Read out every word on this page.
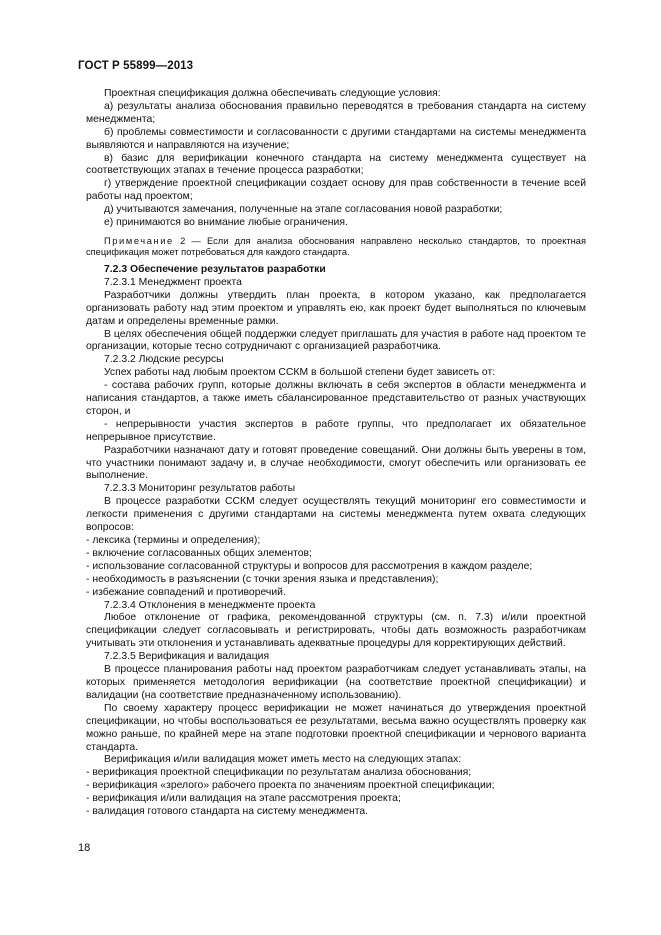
ГОСТ Р 55899—2013

Проектная спецификация должна обеспечивать следующие условия:

а) результаты анализа обоснования правильно переводятся в требования стандарта на систему менеджмента;

б) проблемы совместимости и согласованности с другими стандартами на системы менеджмента выявляются и направляются на изучение;

в) базис для верификации конечного стандарта на систему менеджмента существует на соответствующих этапах в течение процесса разработки;

г) утверждение проектной спецификации создает основу для прав собственности в течение всей работы над проектом;

д) учитываются замечания, полученные на этапе согласования новой разработки;

е) принимаются во внимание любые ограничения.

Примечание 2 — Если для анализа обоснования направлено несколько стандартов, то проектная спецификация может потребоваться для каждого стандарта.

7.2.3 Обеспечение результатов разработки

7.2.3.1 Менеджмент проекта

Разработчики должны утвердить план проекта, в котором указано, как предполагается организовать работу над этим проектом и управлять ею, как проект будет выполняться по ключевым датам и определены временные рамки.

В целях обеспечения общей поддержки следует приглашать для участия в работе над проектом те организации, которые тесно сотрудничают с организацией разработчика.

7.2.3.2 Людские ресурсы

Успех работы над любым проектом ССКМ в большой степени будет зависеть от:

- состава рабочих групп, которые должны включать в себя экспертов в области менеджмента и написания стандартов, а также иметь сбалансированное представительство от разных участвующих сторон, и

- непрерывности участия экспертов в работе группы, что предполагает их обязательное непрерывное присутствие.

Разработчики назначают дату и готовят проведение совещаний. Они должны быть уверены в том, что участники понимают задачу и, в случае необходимости, смогут обеспечить или организовать ее выполнение.

7.2.3.3 Мониторинг результатов работы

В процессе разработки ССКМ следует осуществлять текущий мониторинг его совместимости и легкости применения с другими стандартами на системы менеджмента путем охвата следующих вопросов:

- лексика (термины и определения);

- включение согласованных общих элементов;

- использование согласованной структуры и вопросов для рассмотрения в каждом разделе;

- необходимость в разъяснении (с точки зрения языка и представления);

- избежание совпадений и противоречий.

7.2.3.4 Отклонения в менеджменте проекта

Любое отклонение от графика, рекомендованной структуры (см. п. 7.3) и/или проектной спецификации следует согласовывать и регистрировать, чтобы дать возможность разработчикам учитывать эти отклонения и устанавливать адекватные процедуры для корректирующих действий.

7.2.3.5 Верификация и валидация

В процессе планирования работы над проектом разработчикам следует устанавливать этапы, на которых применяется методология верификации (на соответствие проектной спецификации) и валидации (на соответствие предназначенному использованию).

По своему характеру процесс верификации не может начинаться до утверждения проектной спецификации, но чтобы воспользоваться ее результатами, весьма важно осуществлять проверку как можно раньше, по крайней мере на этапе подготовки проектной спецификации и чернового варианта стандарта.

Верификация и/или валидация может иметь место на следующих этапах:

- верификация проектной спецификации по результатам анализа обоснования;

- верификация «зрелого» рабочего проекта по значениям проектной спецификации;

- верификация и/или валидация на этапе рассмотрения проекта;

- валидация готового стандарта на систему менеджмента.

18
